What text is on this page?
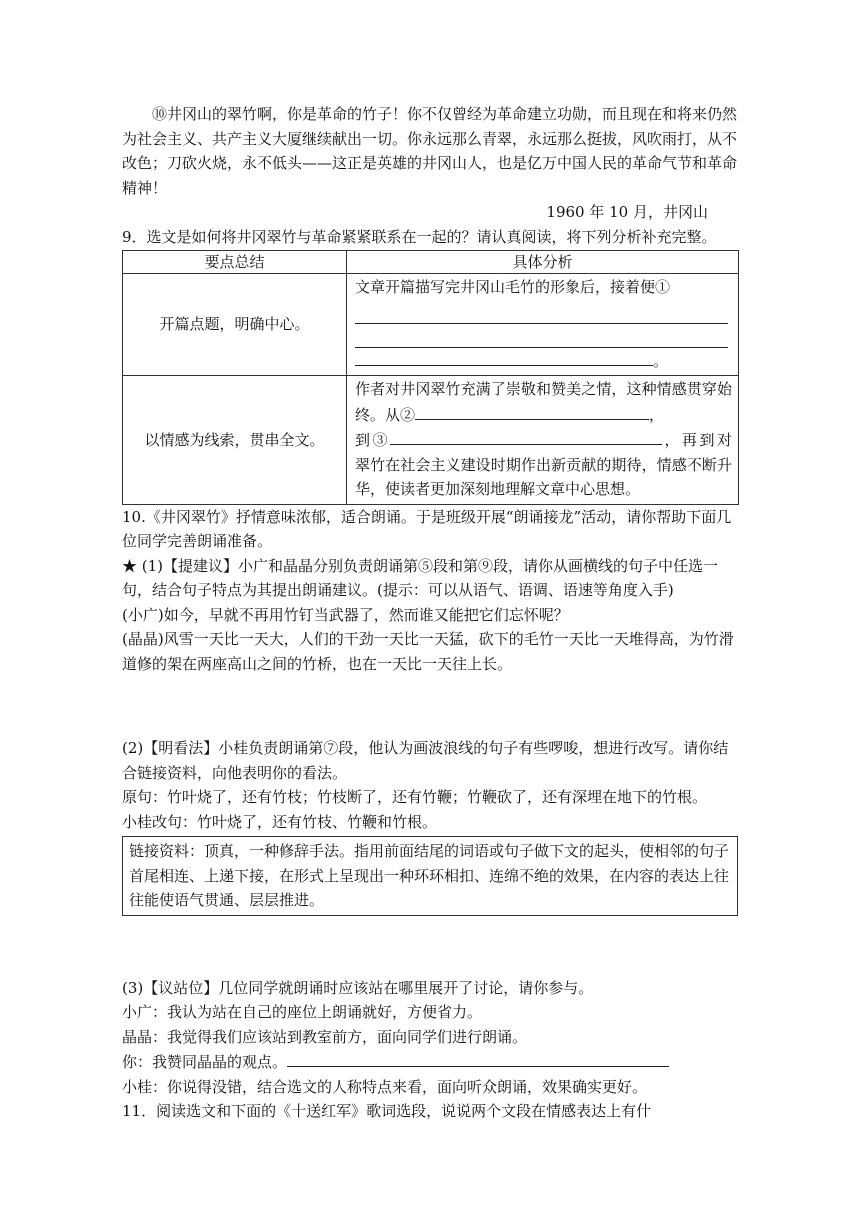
⑩井冈山的翠竹啊，你是革命的竹子！你不仅曾经为革命建立功勋，而且现在和将来仍然为社会主义、共产主义大厦继续献出一切。你永远那么青翠，永远那么挺拔，风吹雨打，从不改色；刀砍火烧，永不低头——这正是英雄的井冈山人，也是亿万中国人民的革命气节和革命精神！

1960 年 10 月，井冈山

9．选文是如何将井冈翠竹与革命紧紧联系在一起的？请认真阅读，将下列分析补充完整。

要点总结	具体分析
开篇点题，明确中心。	文章开篇描写完井冈山毛竹的形象后，接着便①
。
以情感为线索，贯串全文。	作者对井冈翠竹充满了崇敬和赞美之情，这种情感贯穿始终。从② ，
到③ ，再到对翠竹在社会主义建设时期作出新贡献的期待，情感不断升华，使读者更加深刻地理解文章中心思想。

10.《井冈翠竹》抒情意味浓郁，适合朗诵。于是班级开展“朗诵接龙”活动，请你帮助下面几位同学完善朗诵准备。

★ (1)【提建议】小广和晶晶分别负责朗诵第⑤段和第⑨段，请你从画横线的句子中任选一句，结合句子特点为其提出朗诵建议。(提示：可以从语气、语调、语速等角度入手)

(小广)如今，早就不再用竹钉当武器了，然而谁又能把它们忘怀呢？

(晶晶)风雪一天比一天大，人们的干劲一天比一天猛，砍下的毛竹一天比一天堆得高，为竹滑道修的架在两座高山之间的竹桥，也在一天比一天往上长。

(2)【明看法】小桂负责朗诵第⑦段，他认为画波浪线的句子有些啰唆，想进行改写。请你结合链接资料，向他表明你的看法。

原句：竹叶烧了，还有竹枝；竹枝断了，还有竹鞭；竹鞭砍了，还有深埋在地下的竹根。

小桂改句：竹叶烧了，还有竹枝、竹鞭和竹根。

链接资料：顶真，一种修辞手法。指用前面结尾的词语或句子做下文的起头，使相邻的句子首尾相连、上递下接，在形式上呈现出一种环环相扣、连绵不绝的效果，在内容的表达上往往能使语气贯通、层层推进。

(3)【议站位】几位同学就朗诵时应该站在哪里展开了讨论，请你参与。

小广：我认为站在自己的座位上朗诵就好，方便省力。

晶晶：我觉得我们应该站到教室前方，面向同学们进行朗诵。

你：我赞同晶晶的观点。

小桂：你说得没错，结合选文的人称特点来看，面向听众朗诵，效果确实更好。

11．阅读选文和下面的《十送红军》歌词选段，说说两个文段在情感表达上有什
